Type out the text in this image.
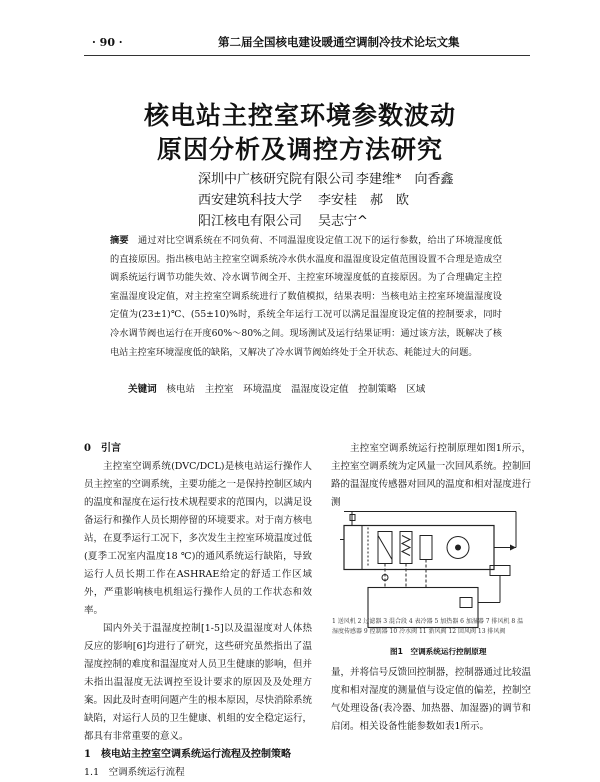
· 90 ·	第二届全国核电建设暖通空调制冷技术论坛文集
核电站主控室环境参数波动
原因分析及调控方法研究
深圳中广核研究院有限公司 李建维*　向香鑫
西安建筑科技大学 李安桂　郝　欧
阳江核电有限公司 吴志宁^
摘要　 通过对比空调系统在不同负荷、不同温湿度设定值工况下的运行参数，给出了环境湿度低的直接原因。指出核电站主控室空调系统冷水供水温度和温湿度设定值范围设置不合理是造成空调系统运行调节功能失效、冷水调节阀全开、主控室环境湿度低的直接原因。为了合理确定主控室温湿度设定值，对主控室空调系统进行了数值模拟，结果表明：当核电站主控室环境温湿度设定值为(23±1)℃、(55±10)%时，系统全年运行工况可以满足温湿度设定值的控制要求，同时冷水调节阀也运行在开度60%～80%之间。现场测试及运行结果证明：通过该方法，既解决了核电站主控室环境湿度低的缺陷，又解决了冷水调节阀始终处于全开状态、耗能过大的问题。
关键词　 核电站　主控室　环境温度　温湿度设定值　控制策略　区域
0　引言

主控室空调系统(DVC/DCL)是核电站运行操作人员主控室的空调系统，主要功能之一是保持控制区域内的温度和湿度在运行技术规程要求的范围内，以满足设备运行和操作人员长期停留的环境要求。对于南方核电站，在夏季运行工况下，多次发生主控室环境温度过低(夏季工况室内温度18 ℃)的通风系统运行缺陷，导致运行人员长期工作在ASHRAE给定的舒适工作区域外，严重影响核电机组运行操作人员的工作状态和效率。

国内外关于温湿度控制[1-5]以及温湿度对人体热反应的影响[6]均进行了研究，这些研究虽然指出了温湿度控制的难度和温湿度对人员卫生健康的影响，但并未指出温湿度无法调控至设计要求的原因及及处理方案。因此及时查明问题产生的根本原因，尽快消除系统缺陷，对运行人员的卫生健康、机组的安全稳定运行，都具有非常重要的意义。

1　核电站主控室空调系统运行流程及控制策略
1.1　空调系统运行流程

主控室空调系统运行控制原理如图1所示，主控室空调系统为定风量一次回风系统。控制回路的温湿度传感器对回风的温度和相对湿度进行测

1 送风机 2 过滤器 3 混合段 4 表冷器 5 加热器 6 加湿器 7 排风机 8 温湿度传感器 9 控制器 10 冷水阀 11 新风阀 12 回风阀 13 排风阀
图1　空调系统运行控制原理

量，并将信号反馈回控制器，控制器通过比较温度和相对湿度的测量值与设定值的偏差，控制空气处理设备(表冷器、加热器、加湿器)的调节和启闭。相关设备性能参数如表1所示。
